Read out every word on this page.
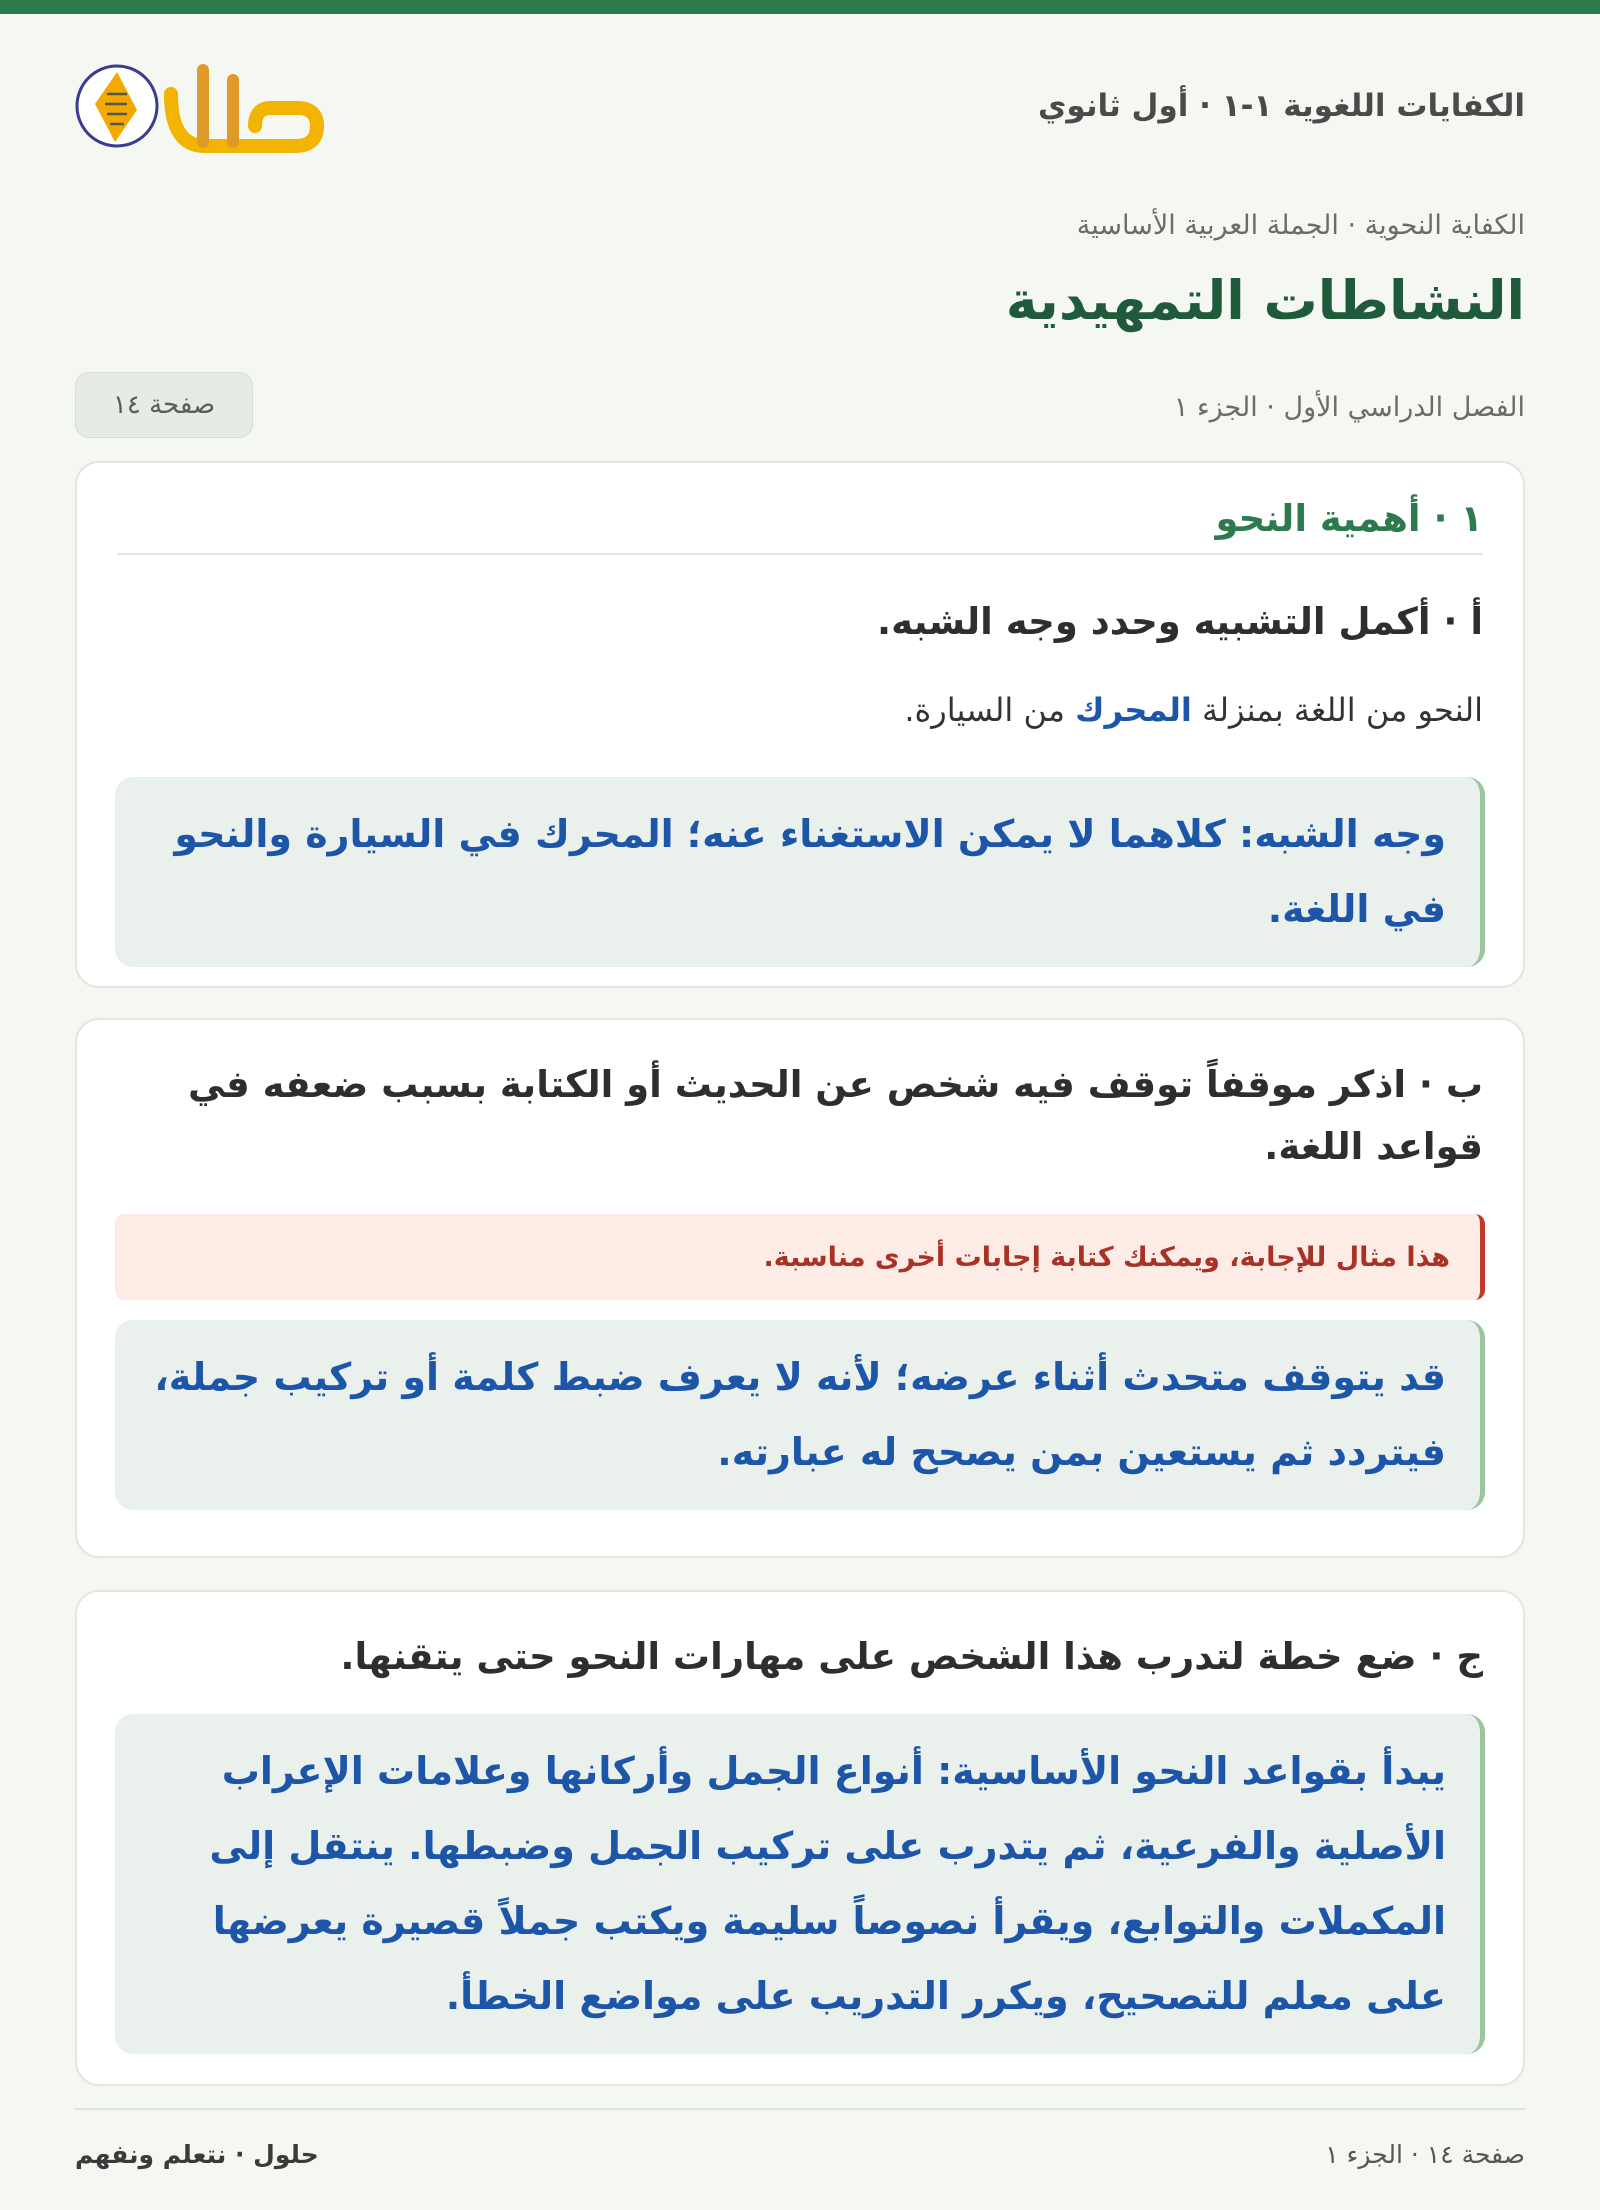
الكفايات اللغوية ١-١ · أول ثانوي
الكفاية النحوية · الجملة العربية الأساسية
النشاطات التمهيدية
الفصل الدراسي الأول · الجزء ١
صفحة ١٤
١ · أهمية النحو
أ · أكمل التشبيه وحدد وجه الشبه.
النحو من اللغة بمنزلة المحرك من السيارة.
وجه الشبه: كلاهما لا يمكن الاستغناء عنه؛ المحرك في السيارة والنحو في اللغة.
ب · اذكر موقفاً توقف فيه شخص عن الحديث أو الكتابة بسبب ضعفه في قواعد اللغة.
هذا مثال للإجابة، ويمكنك كتابة إجابات أخرى مناسبة.
قد يتوقف متحدث أثناء عرضه؛ لأنه لا يعرف ضبط كلمة أو تركيب جملة، فيتردد ثم يستعين بمن يصحح له عبارته.
ج · ضع خطة لتدرب هذا الشخص على مهارات النحو حتى يتقنها.
يبدأ بقواعد النحو الأساسية: أنواع الجمل وأركانها وعلامات الإعراب الأصلية والفرعية، ثم يتدرب على تركيب الجمل وضبطها. ينتقل إلى المكملات والتوابع، ويقرأ نصوصاً سليمة ويكتب جملاً قصيرة يعرضها على معلم للتصحيح، ويكرر التدريب على مواضع الخطأ.
صفحة ١٤ · الجزء ١
حلول · نتعلم ونفهم
